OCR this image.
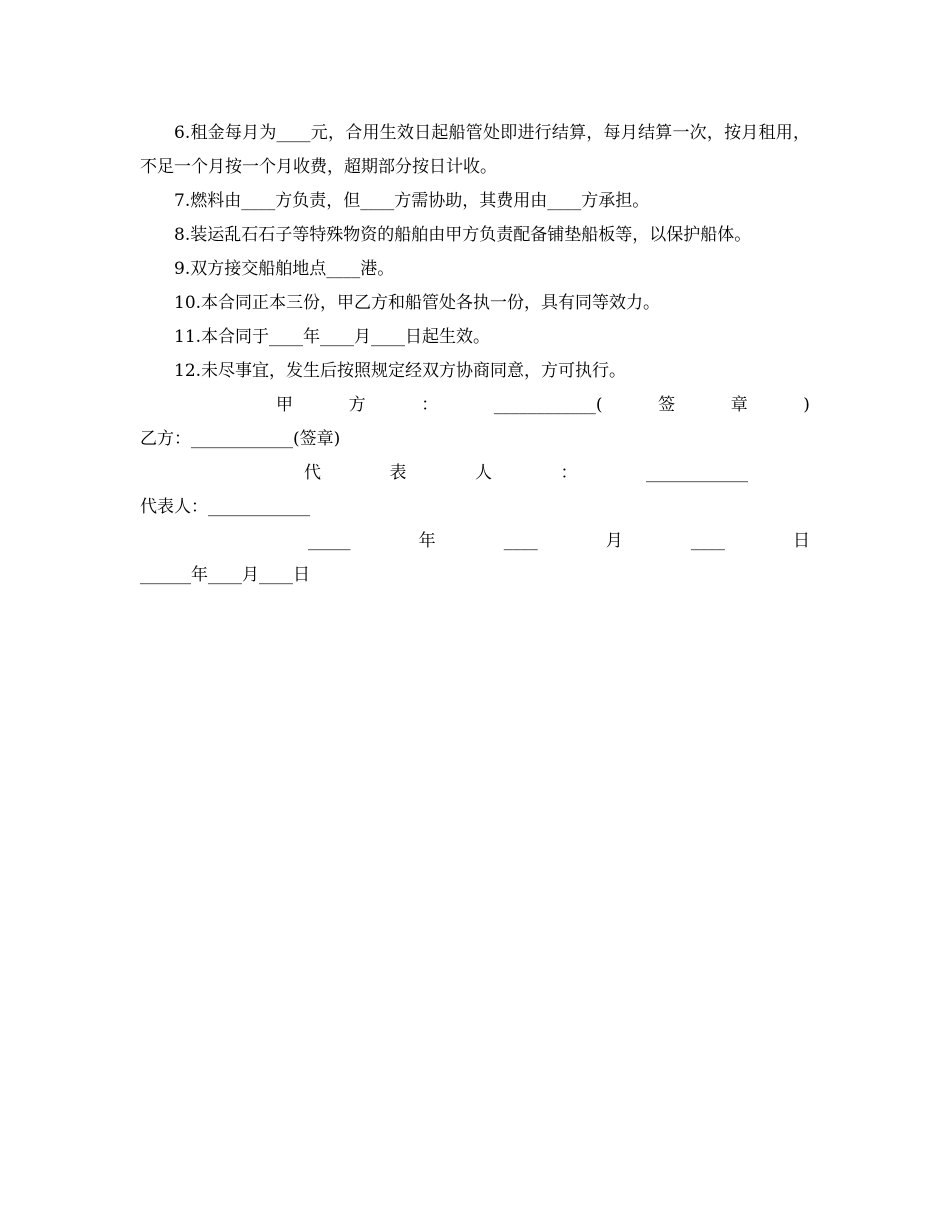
6.租金每月为____元，合用生效日起船管处即进行结算，每月结算一次，按月租用，不足一个月按一个月收费，超期部分按日计收。

7.燃料由____方负责，但____方需协助，其费用由____方承担。

8.装运乱石石子等特殊物资的船舶由甲方负责配备铺垫船板等，以保护船体。

9.双方接交船舶地点____港。

10.本合同正本三份，甲乙方和船管处各执一份，具有同等效力。

11.本合同于____年____月____日起生效。

12.未尽事宜，发生后按照规定经双方协商同意，方可执行。

甲	方	：	____________(	签	章	)
乙方：____________(签章)
代	表	人	：	____________
代表人：____________
_____	年	____	月	____	日
______年____月____日
